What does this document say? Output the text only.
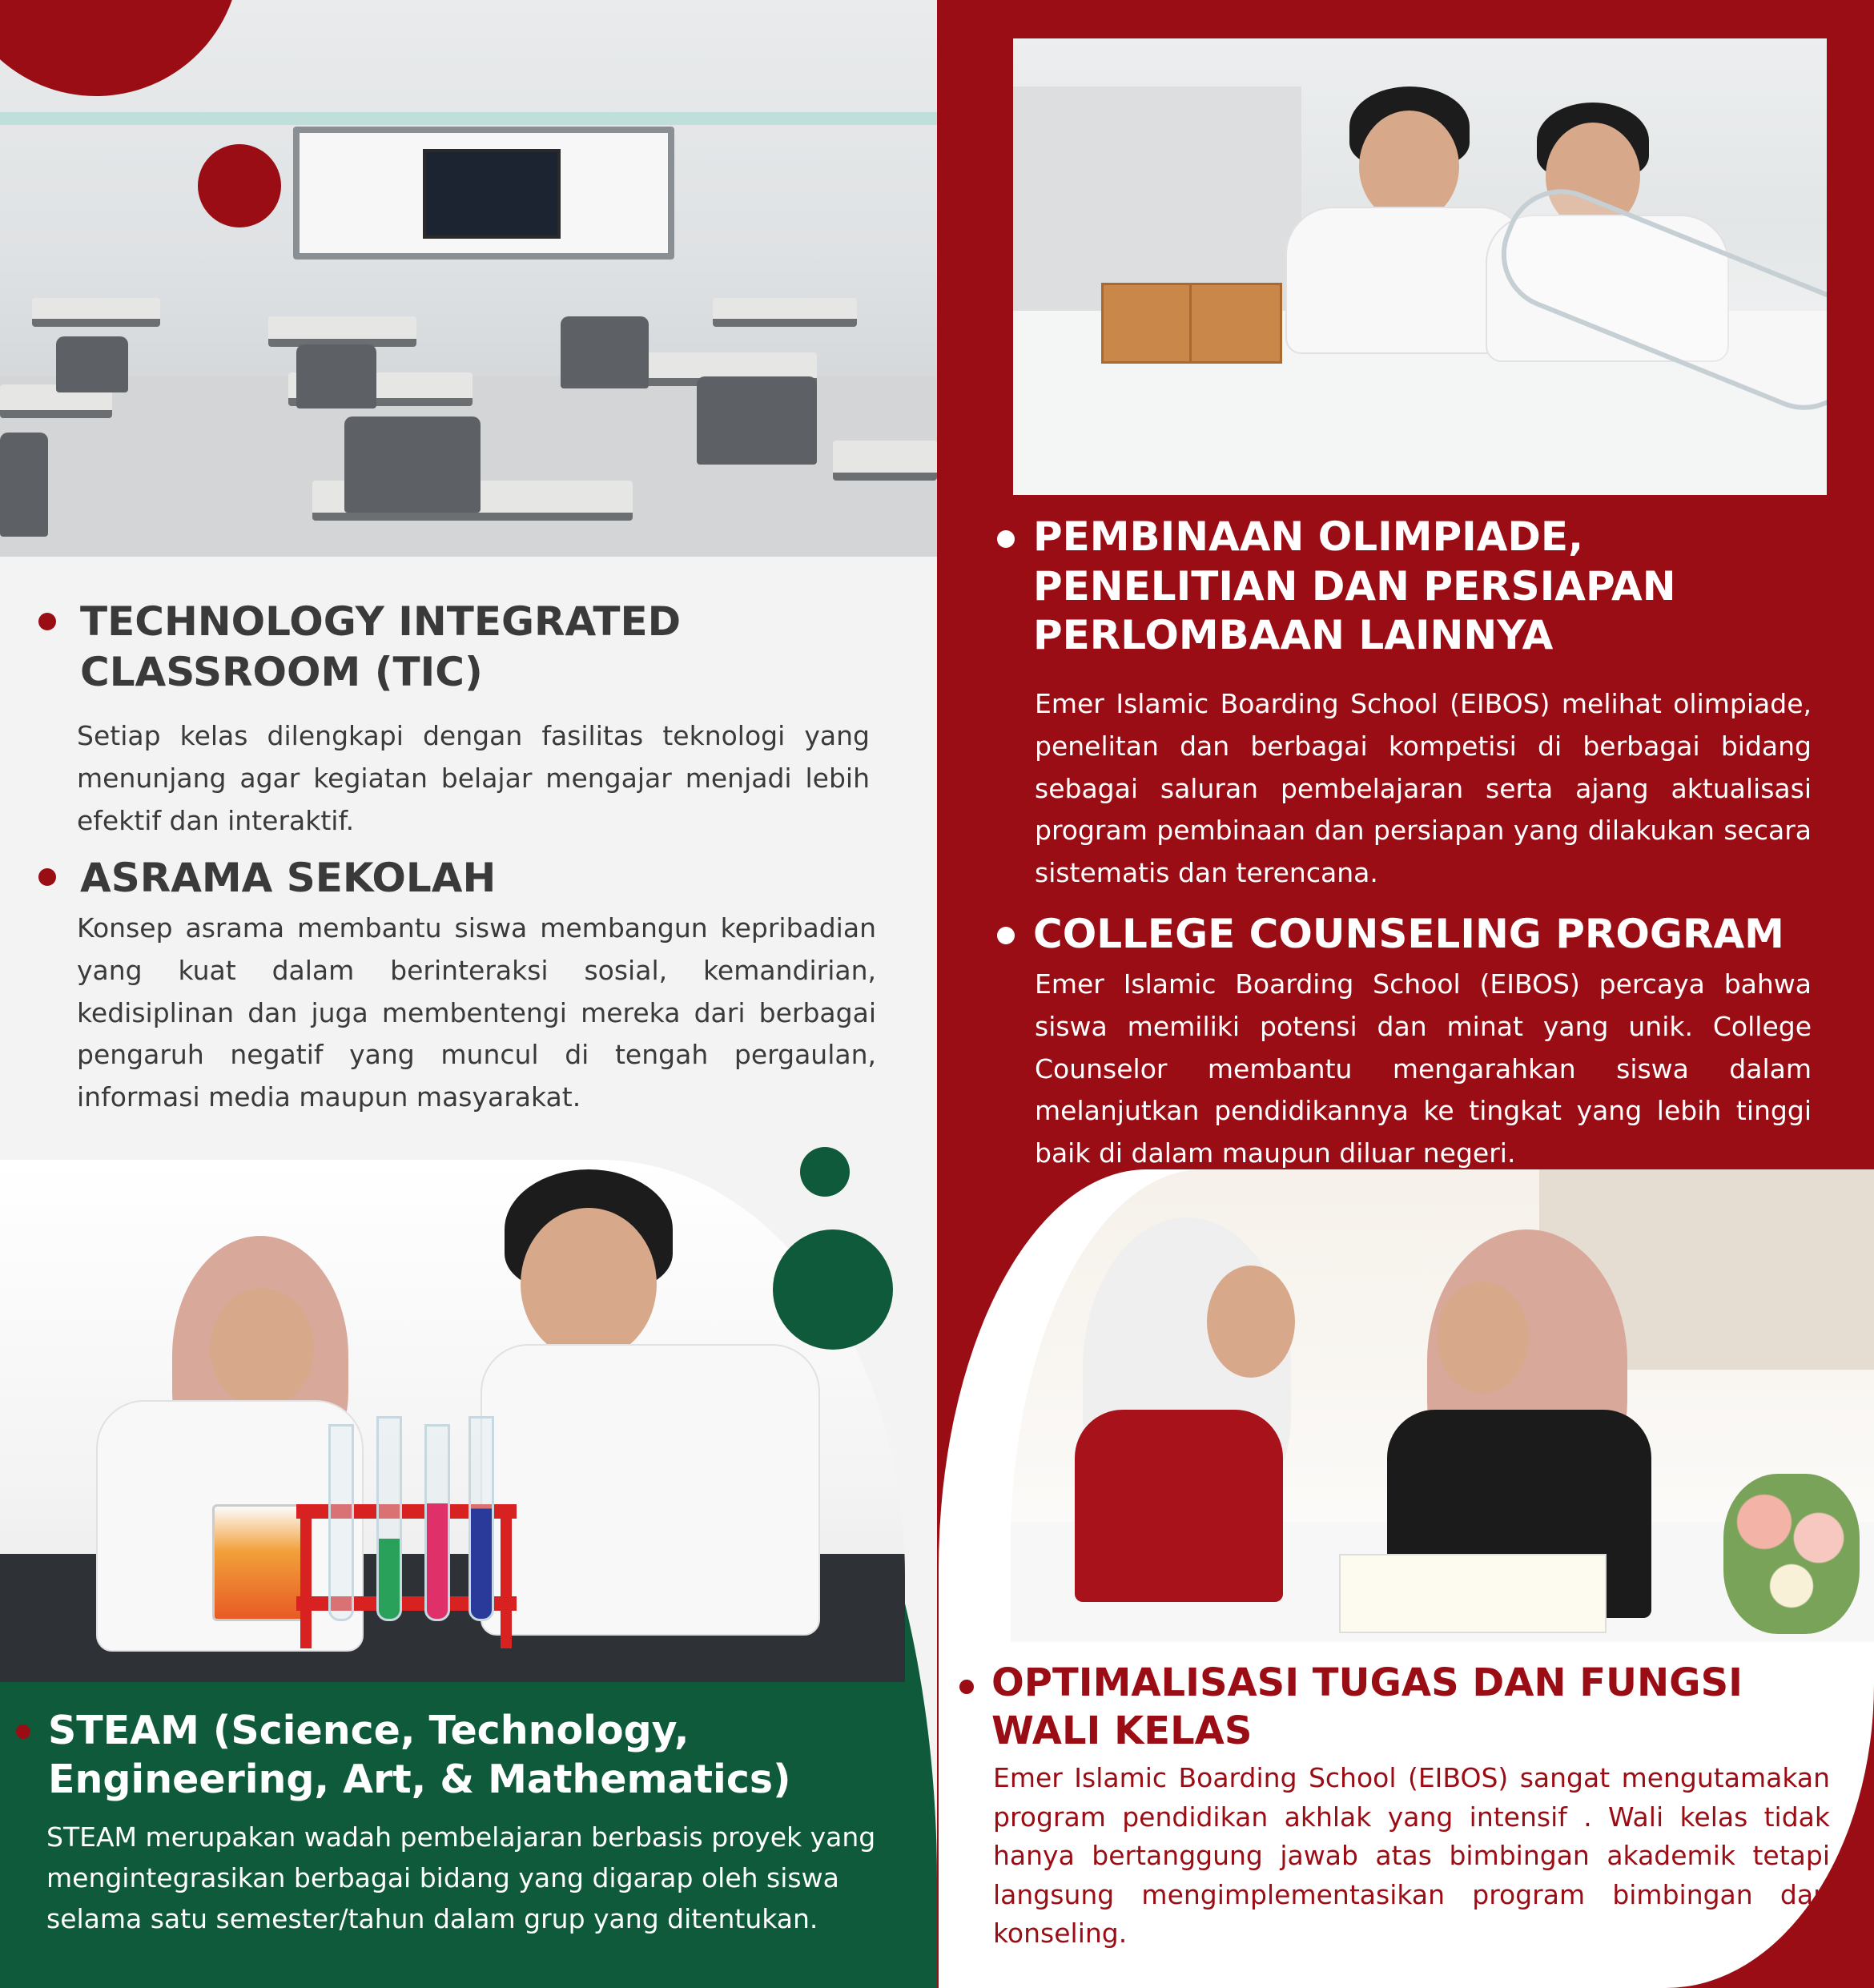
TECHNOLOGY INTEGRATED
CLASSROOM (TIC)
Setiap kelas dilengkapi dengan fasilitas teknologi yang menunjang agar kegiatan belajar mengajar menjadi lebih efektif dan interaktif.
ASRAMA SEKOLAH
Konsep asrama membantu siswa membangun kepribadian yang kuat dalam berinteraksi sosial, kemandirian, kedisiplinan dan juga membentengi mereka dari berbagai pengaruh negatif yang muncul di tengah pergaulan, informasi media maupun masyarakat.
STEAM (Science, Technology,
Engineering, Art, & Mathematics)
STEAM merupakan wadah pembelajaran berbasis proyek yang mengintegrasikan berbagai bidang yang digarap oleh siswa selama satu semester/tahun dalam grup yang ditentukan.
PEMBINAAN OLIMPIADE,
PENELITIAN DAN PERSIAPAN
PERLOMBAAN LAINNYA
Emer Islamic Boarding School (EIBOS) melihat olimpiade, penelitan dan berbagai kompetisi di berbagai bidang sebagai saluran pembelajaran serta ajang aktualisasi program pembinaan dan persiapan yang dilakukan secara sistematis dan terencana.
COLLEGE COUNSELING PROGRAM
Emer Islamic Boarding School (EIBOS) percaya bahwa siswa memiliki potensi dan minat yang unik. College Counselor membantu mengarahkan siswa dalam melanjutkan pendidikannya ke tingkat yang lebih tinggi baik di dalam maupun diluar negeri.
OPTIMALISASI TUGAS DAN FUNGSI
WALI KELAS
Emer Islamic Boarding School (EIBOS) sangat mengutamakan program pendidikan akhlak yang intensif . Wali kelas tidak hanya bertanggung jawab atas bimbingan akademik tetapi langsung mengimplementasikan program bimbingan dan konseling.
